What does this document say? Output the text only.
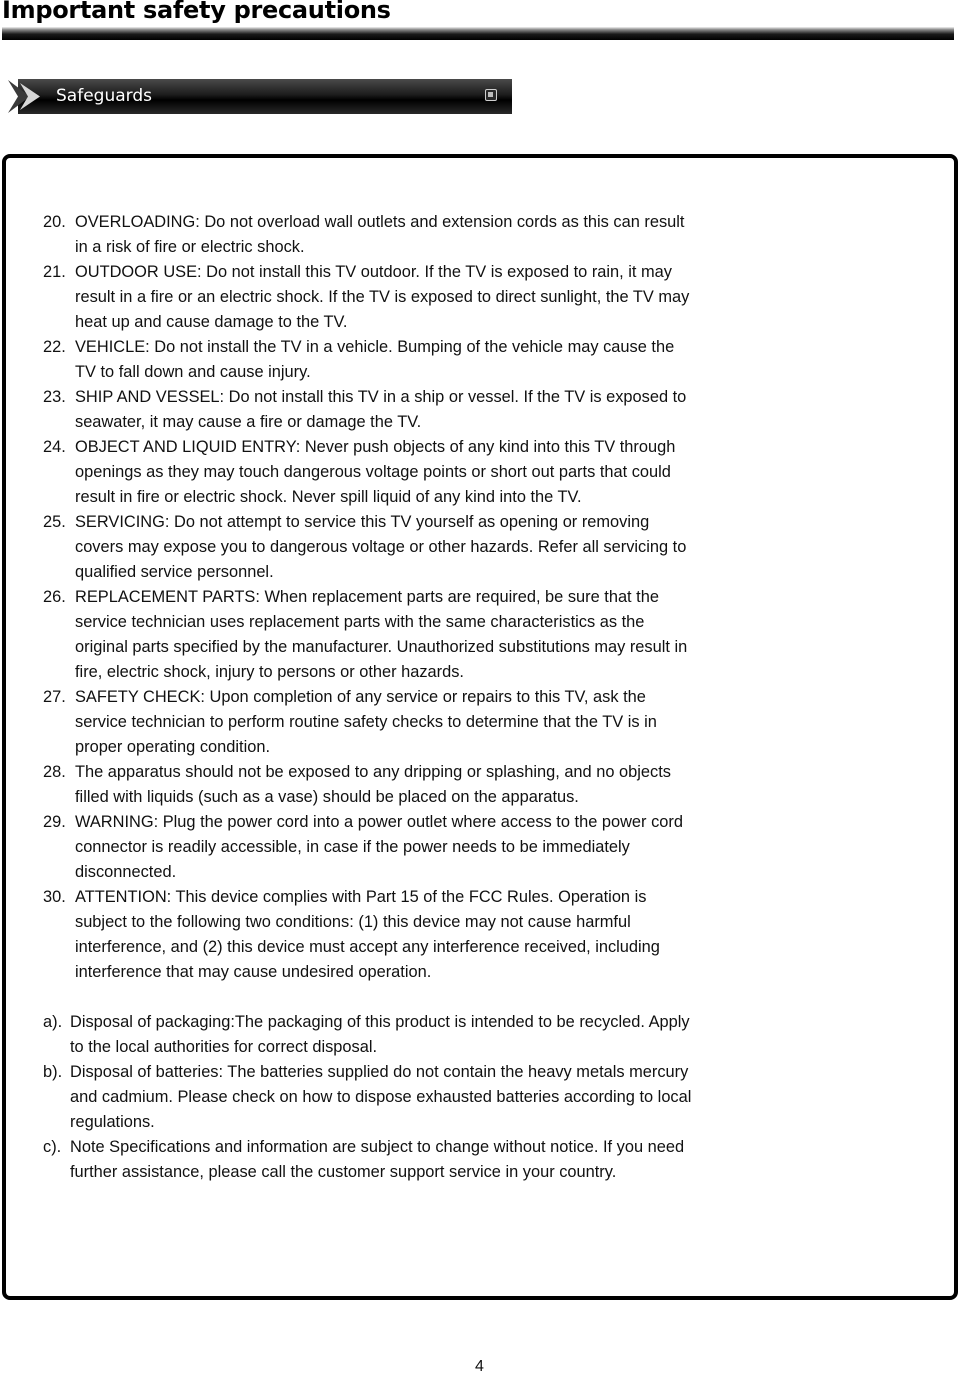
Important safety precautions
Safeguards
20. OVERLOADING: Do not overload wall outlets and extension cords as this can result
in a risk of fire or electric shock.
21. OUTDOOR USE: Do not install this TV outdoor. If the TV is exposed to rain, it may
result in a fire or an electric shock. If the TV is exposed to direct sunlight, the TV may
heat up and cause damage to the TV.
22. VEHICLE: Do not install the TV in a vehicle. Bumping of the vehicle may cause the
TV to fall down and cause injury.
23. SHIP AND VESSEL: Do not install this TV in a ship or vessel. If the TV is exposed to
seawater, it may cause a fire or damage the TV.
24. OBJECT AND LIQUID ENTRY: Never push objects of any kind into this TV through
openings as they may touch dangerous voltage points or short out parts that could
result in fire or electric shock. Never spill liquid of any kind into the TV.
25. SERVICING: Do not attempt to service this TV yourself as opening or removing
covers may expose you to dangerous voltage or other hazards. Refer all servicing to
qualified service personnel.
26. REPLACEMENT PARTS: When replacement parts are required, be sure that the
service technician uses replacement parts with the same characteristics as the
original parts specified by the manufacturer. Unauthorized substitutions may result in
fire, electric shock, injury to persons or other hazards.
27. SAFETY CHECK: Upon completion of any service or repairs to this TV, ask the
service technician to perform routine safety checks to determine that the TV is in
proper operating condition.
28. The apparatus should not be exposed to any dripping or splashing, and no objects
filled with liquids (such as a vase) should be placed on the apparatus.
29. WARNING: Plug the power cord into a power outlet where access to the power cord
connector is readily accessible, in case if the power needs to be immediately
disconnected.
30. ATTENTION: This device complies with Part 15 of the FCC Rules. Operation is
subject to the following two conditions: (1) this device may not cause harmful
interference, and (2) this device must accept any interference received, including
interference that may cause undesired operation.
a). Disposal of packaging:The packaging of this product is intended to be recycled. Apply
to the local authorities for correct disposal.
b). Disposal of batteries: The batteries supplied do not contain the heavy metals mercury
and cadmium. Please check on how to dispose exhausted batteries according to local
regulations.
c). Note Specifications and information are subject to change without notice. If you need
further assistance, please call the customer support service in your country.
4
